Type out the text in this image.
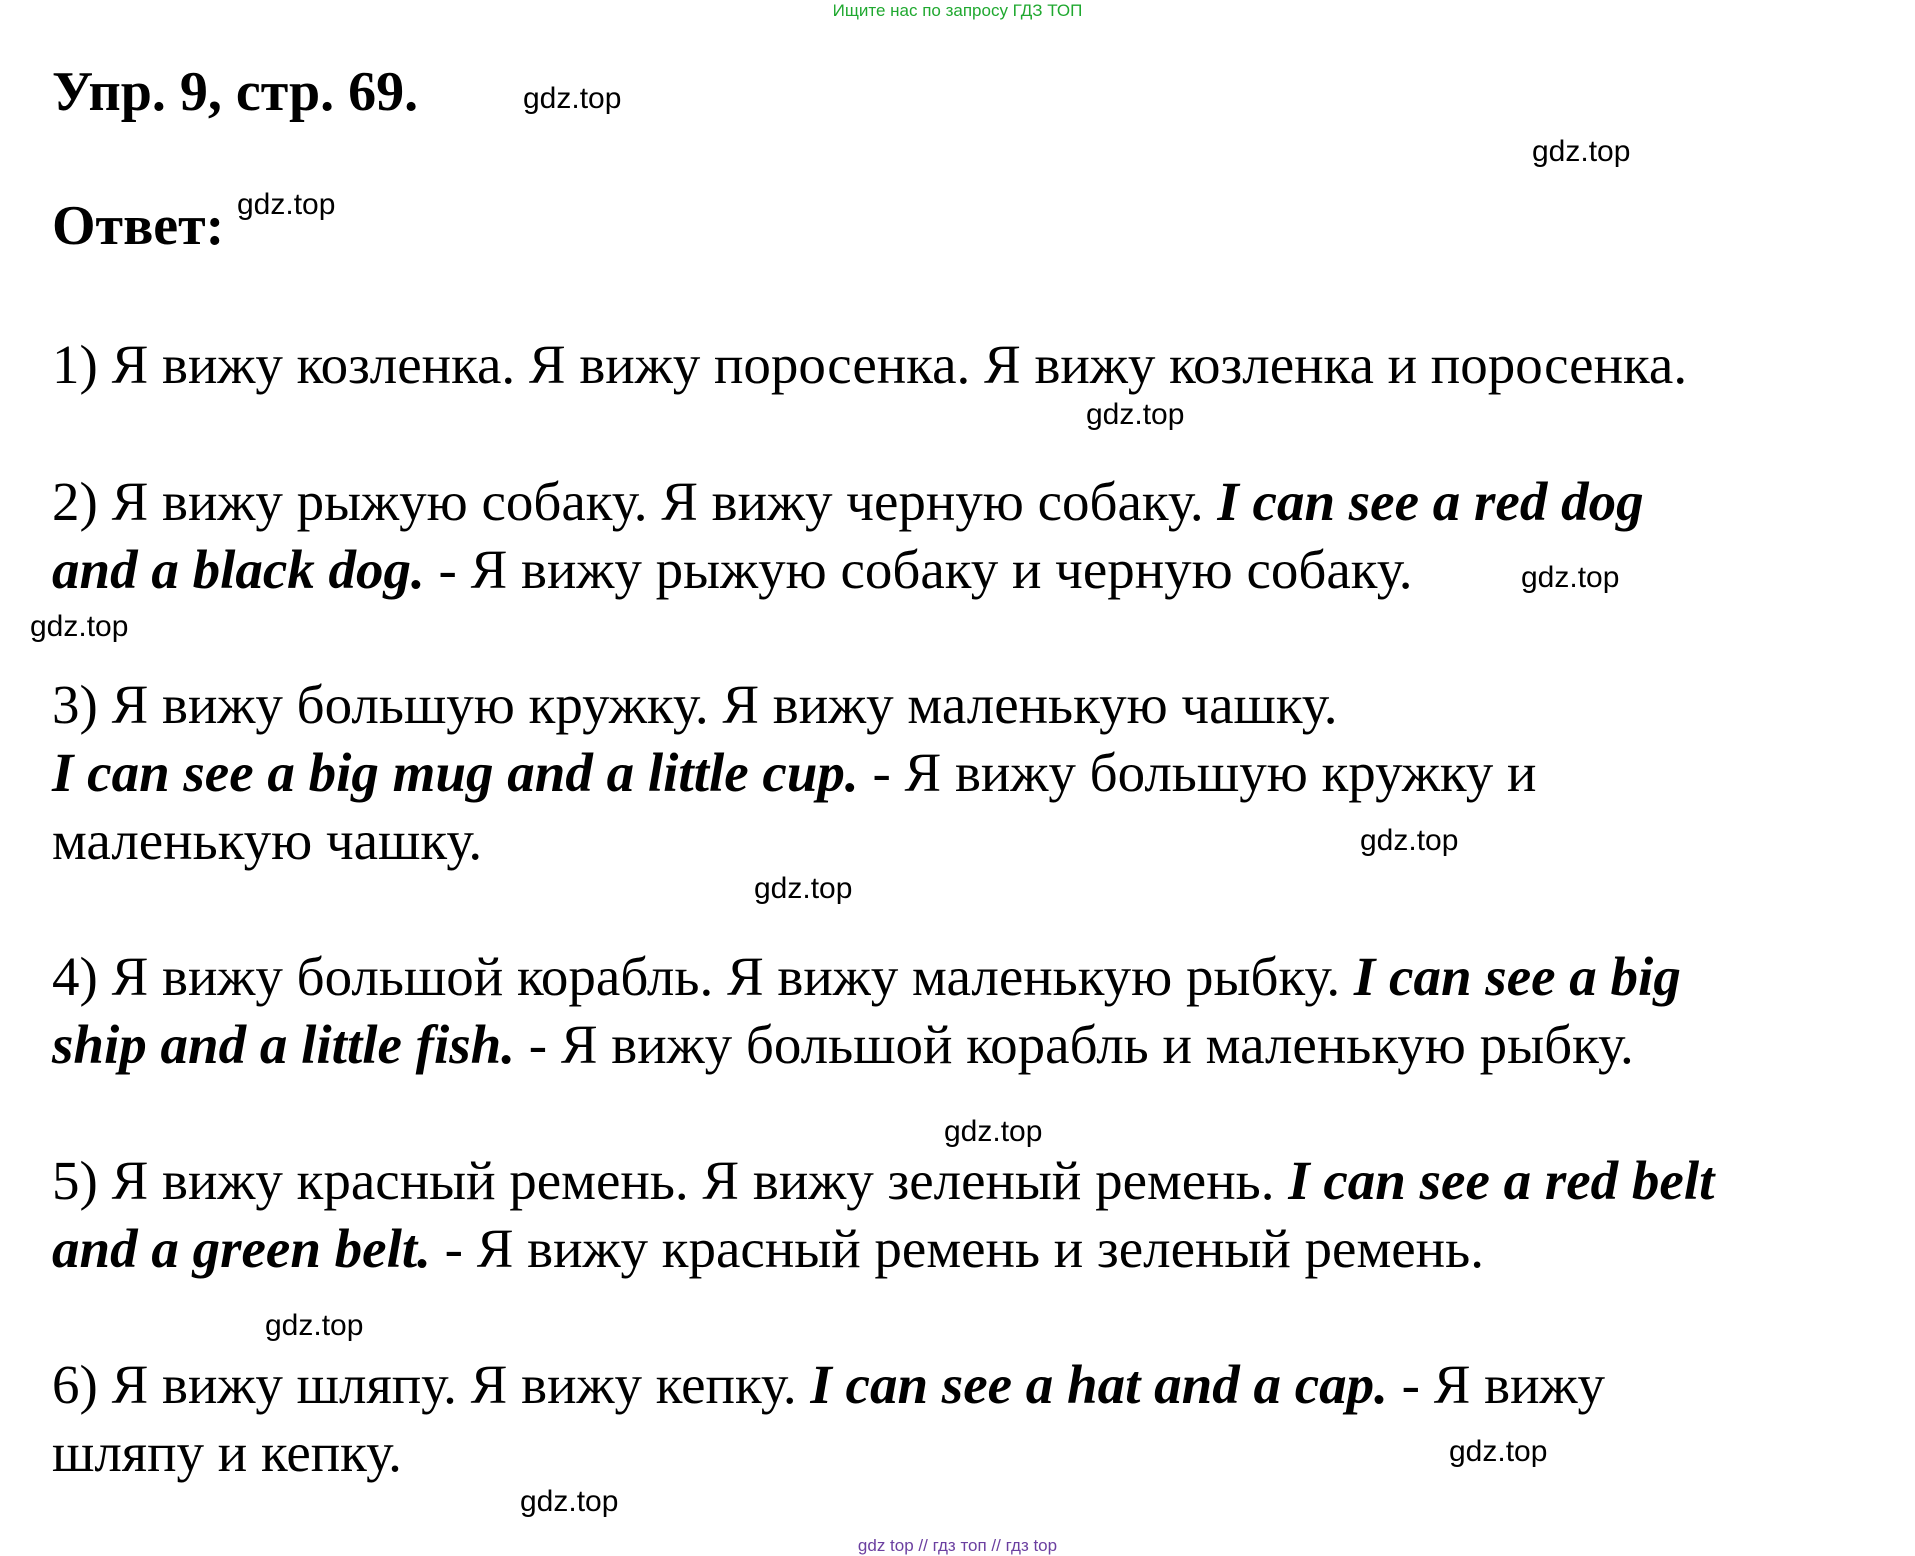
Ищите нас по запросу ГДЗ ТОП
Упр. 9, стр. 69.
Ответ:
1) Я вижу козленка. Я вижу поросенка. Я вижу козленка и поросенка.
2) Я вижу рыжую собаку. Я вижу черную собаку. I can see a red dog
and a black dog. - Я вижу рыжую собаку и черную собаку.
3) Я вижу большую кружку. Я вижу маленькую чашку.
I can see a big mug and a little cup. - Я вижу большую кружку и
маленькую чашку.
4) Я вижу большой корабль. Я вижу маленькую рыбку. I can see a big
ship and a little fish. - Я вижу большой корабль и маленькую рыбку.
5) Я вижу красный ремень. Я вижу зеленый ремень. I can see a red belt
and a green belt. - Я вижу красный ремень и зеленый ремень.
6) Я вижу шляпу. Я вижу кепку. I can see a hat and a cap. - Я вижу
шляпу и кепку.
gdz.top
gdz.top
gdz.top
gdz.top
gdz.top
gdz.top
gdz.top
gdz.top
gdz.top
gdz.top
gdz.top
gdz.top
gdz top // гдз топ // гдз top
